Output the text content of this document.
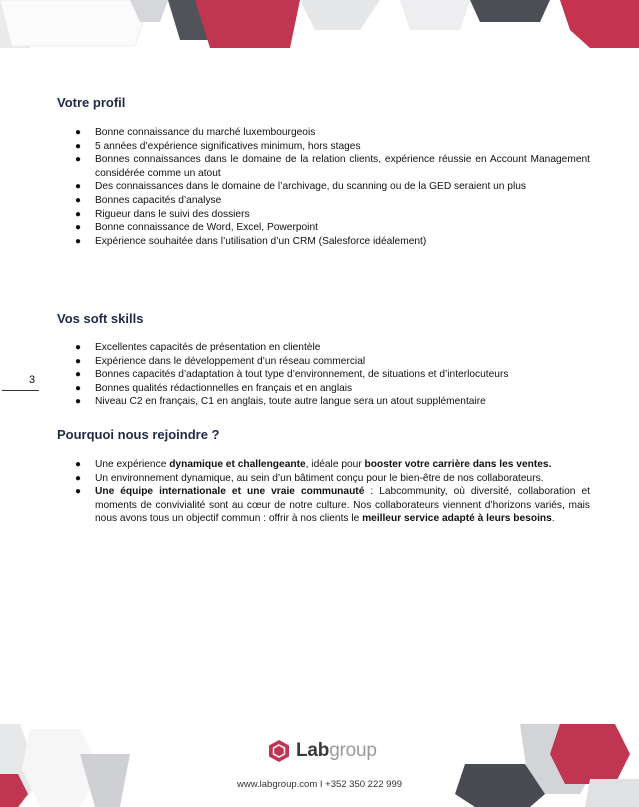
Votre profil
● Bonne connaissance du marché luxembourgeois
● 5 années d’expérience significatives minimum, hors stages
● Bonnes connaissances dans le domaine de la relation clients, expérience réussie en Account Management considérée comme un atout
● Des connaissances dans le domaine de l’archivage, du scanning ou de la GED seraient un plus
● Bonnes capacités d’analyse
● Rigueur dans le suivi des dossiers
● Bonne connaissance de Word, Excel, Powerpoint
● Expérience souhaitée dans l’utilisation d’un CRM (Salesforce idéalement)
Vos soft skills
● Excellentes capacités de présentation en clientèle
● Expérience dans le développement d’un réseau commercial
● Bonnes capacités d’adaptation à tout type d’environnement, de situations et d’interlocuteurs
● Bonnes qualités rédactionnelles en français et en anglais
● Niveau C2 en français, C1 en anglais, toute autre langue sera un atout supplémentaire
Pourquoi nous rejoindre ?
● Une expérience dynamique et challengeante, idéale pour booster votre carrière dans les ventes.
● Un environnement dynamique, au sein d’un bâtiment conçu pour le bien-être de nos collaborateurs.
● Une équipe internationale et une vraie communauté : Labcommunity, où diversité, collaboration et moments de convivialité sont au cœur de notre culture. Nos collaborateurs viennent d’horizons variés, mais nous avons tous un objectif commun : offrir à nos clients le meilleur service adapté à leurs besoins.
3
Labgroup
www.labgroup.com I +352 350 222 999
